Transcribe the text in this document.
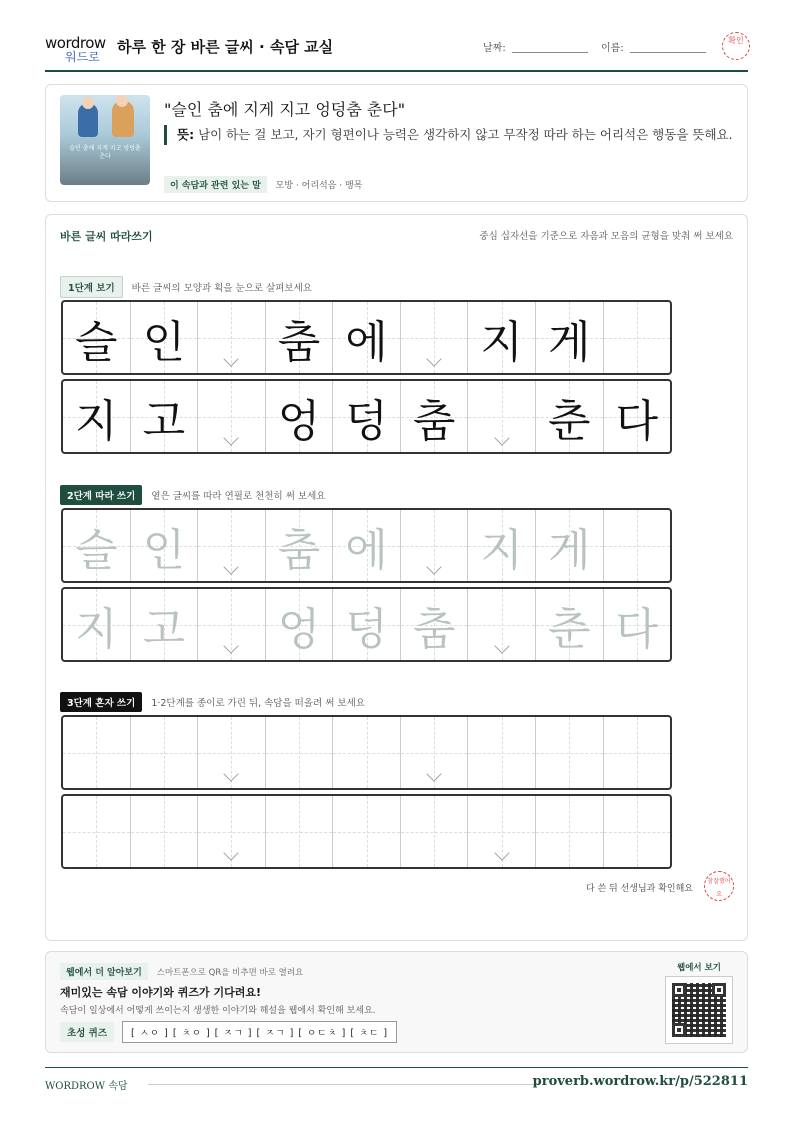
wordrow
워드로
하루 한 장 바른 글씨 · 속담 교실	날짜:	이름:
확인
슬인 춤에 지게 지고 엉덩춤 춘다
"슬인 춤에 지게 지고 엉덩춤 춘다"
뜻: 남이 하는 걸 보고, 자기 형편이나 능력은 생각하지 않고 무작정 따라 하는 어리석은 행동을 뜻해요.
이 속담과 관련 있는 말 모방 · 어리석음 · 맹목
바른 글씨 따라쓰기	중심 십자선을 기준으로 자음과 모음의 균형을 맞춰 써 보세요
1단계 보기 바른 글씨의 모양과 획을 눈으로 살펴보세요
슬 인 춤 에 지 게
지 고 엉 덩 춤 춘 다
2단계 따라 쓰기 옅은 글씨를 따라 연필로 천천히 써 보세요
슬 인 춤 에 지 게
지 고 엉 덩 춤 춘 다
3단계 혼자 쓰기 1·2단계를 종이로 가린 뒤, 속담을 떠올려 써 보세요
다 쓴 뒤 선생님과 확인해요
참잘했어요
웹에서 더 알아보기 스마트폰으로 QR을 비추면 바로 열려요
재미있는 속담 이야기와 퀴즈가 기다려요!
속담이 일상에서 어떻게 쓰이는지 생생한 이야기와 해설을 웹에서 확인해 보세요.
초성 퀴즈	[ ㅅㅇ ] [ ㅊㅇ ] [ ㅈㄱ ] [ ㅈㄱ ] [ ㅇㄷㅊ ] [ ㅊㄷ ]
웹에서 보기
WORDROW 속담	proverb.wordrow.kr/p/522811
